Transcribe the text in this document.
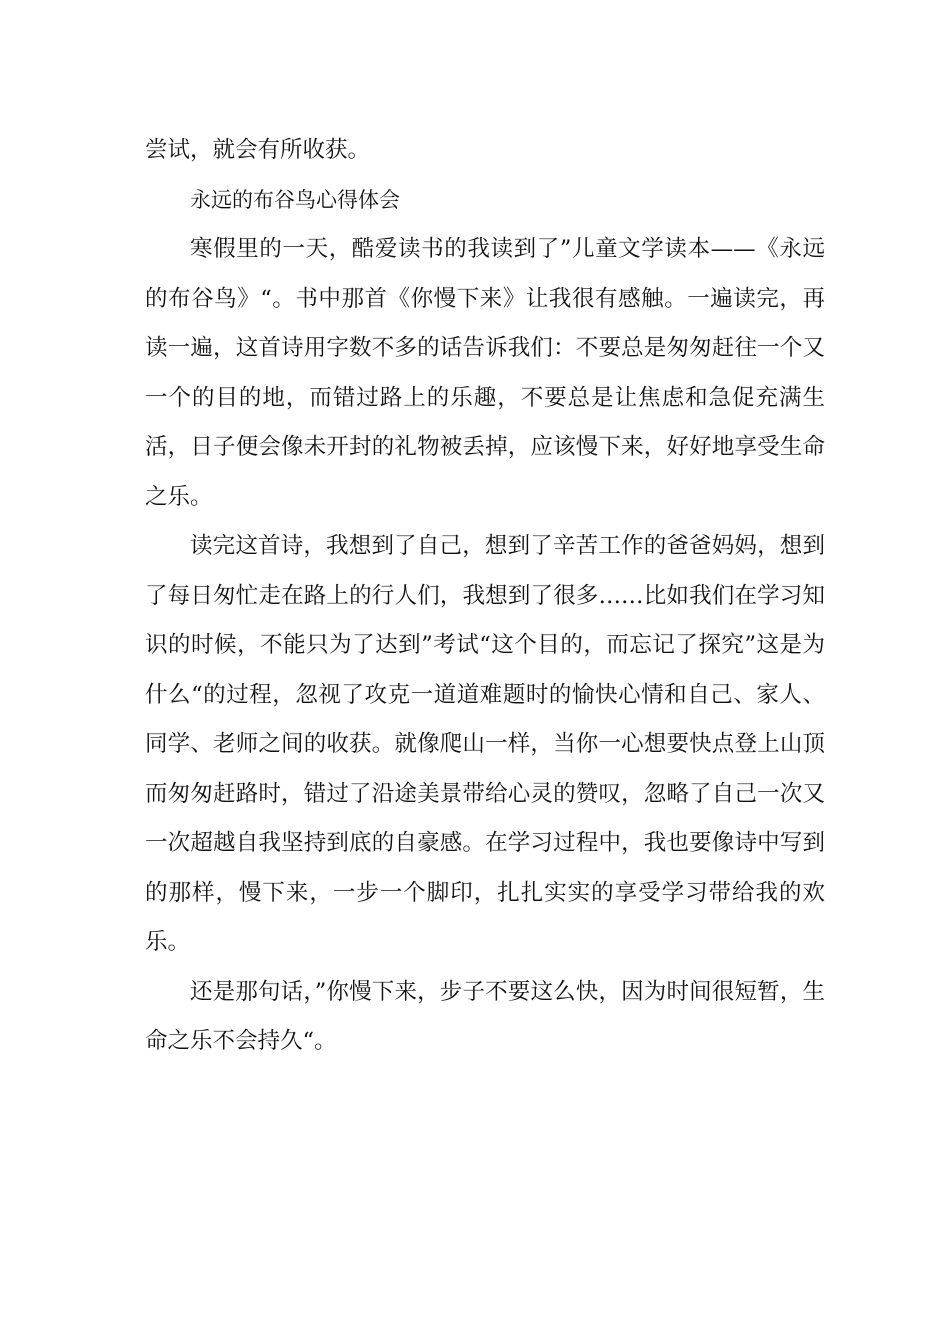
尝试，就会有所收获。

永远的布谷鸟心得体会

寒假里的一天，酷爱读书的我读到了”儿童文学读本——《永远的布谷鸟》“。书中那首《你慢下来》让我很有感触。一遍读完，再读一遍，这首诗用字数不多的话告诉我们：不要总是匆匆赶往一个又一个的目的地，而错过路上的乐趣，不要总是让焦虑和急促充满生活，日子便会像未开封的礼物被丢掉，应该慢下来，好好地享受生命之乐。

读完这首诗，我想到了自己，想到了辛苦工作的爸爸妈妈，想到了每日匆忙走在路上的行人们，我想到了很多……比如我们在学习知识的时候，不能只为了达到”考试“这个目的，而忘记了探究”这是为什么“的过程，忽视了攻克一道道难题时的愉快心情和自己、家人、同学、老师之间的收获。就像爬山一样，当你一心想要快点登上山顶而匆匆赶路时，错过了沿途美景带给心灵的赞叹，忽略了自己一次又一次超越自我坚持到底的自豪感。在学习过程中，我也要像诗中写到的那样，慢下来，一步一个脚印，扎扎实实的享受学习带给我的欢乐。

还是那句话，”你慢下来，步子不要这么快，因为时间很短暂，生命之乐不会持久“。
